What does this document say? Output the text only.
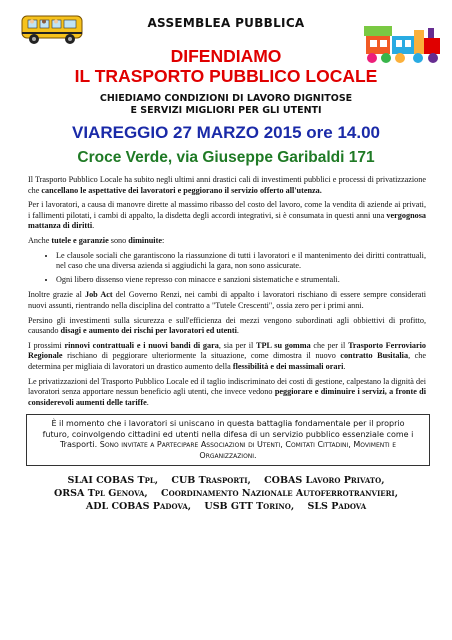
ASSEMBLEA PUBBLICA
DIFENDIAMO
IL TRASPORTO PUBBLICO LOCALE
CHIEDIAMO CONDIZIONI DI LAVORO DIGNITOSE
E SERVIZI MIGLIORI PER GLI UTENTI
VIAREGGIO 27 MARZO 2015 ore 14.00
Croce Verde, via Giuseppe Garibaldi 171

Il Trasporto Pubblico Locale ha subito negli ultimi anni drastici cali di investimenti pubblici e processi di privatizzazione che cancellano le aspettative dei lavoratori e peggiorano il servizio offerto all'utenza.

Per i lavoratori, a causa di manovre dirette al massimo ribasso del costo del lavoro, come la vendita di aziende ai privati, i fallimenti pilotati, i cambi di appalto, la disdetta degli accordi integrativi, si è consumata in questi anni una vergognosa mattanza di diritti.

Anche tutele e garanzie sono diminuite:

• Le clausole sociali che garantiscono la riassunzione di tutti i lavoratori e il mantenimento dei diritti contrattuali, nel caso che una diversa azienda si aggiudichi la gara, non sono assicurate.
• Ogni libero dissenso viene represso con minacce e sanzioni sistematiche e strumentali.

Inoltre grazie al Job Act del Governo Renzi, nei cambi di appalto i lavoratori rischiano di essere sempre considerati nuovi assunti, rientrando nella disciplina del contratto a "Tutele Crescenti", ossia zero per i primi anni.

Persino gli investimenti sulla sicurezza e sull'efficienza dei mezzi vengono subordinati agli obbiettivi di profitto, causando disagi e aumento dei rischi per lavoratori ed utenti.

I prossimi rinnovi contrattuali e i nuovi bandi di gara, sia per il TPL su gomma che per il Trasporto Ferroviario Regionale rischiano di peggiorare ulteriormente la situazione, come dimostra il nuovo contratto Busitalia, che determina per migliaia di lavoratori un drastico aumento della flessibilità e dei massimali orari.

Le privatizzazioni del Trasporto Pubblico Locale ed il taglio indiscriminato dei costi di gestione, calpestano la dignità dei lavoratori senza apportare nessun beneficio agli utenti, che invece vedono peggiorare e diminuire i servizi, a fronte di considerevoli aumenti delle tariffe.

È il momento che i lavoratori si uniscano in questa battaglia fondamentale per il proprio futuro, coinvolgendo cittadini ed utenti nella difesa di un servizio pubblico essenziale come i Trasporti. Sono invitate a Partecipare Associazioni di Utenti, Comitati Cittadini, Movimenti e Organizzazioni.
SLAI COBAS Tpl, CUB Trasporti, COBAS Lavoro Privato,
ORSA Tpl Genova, Coordinamento Nazionale Autoferrotranvieri,
ADL COBAS Padova, USB GTT Torino, SLS Padova
